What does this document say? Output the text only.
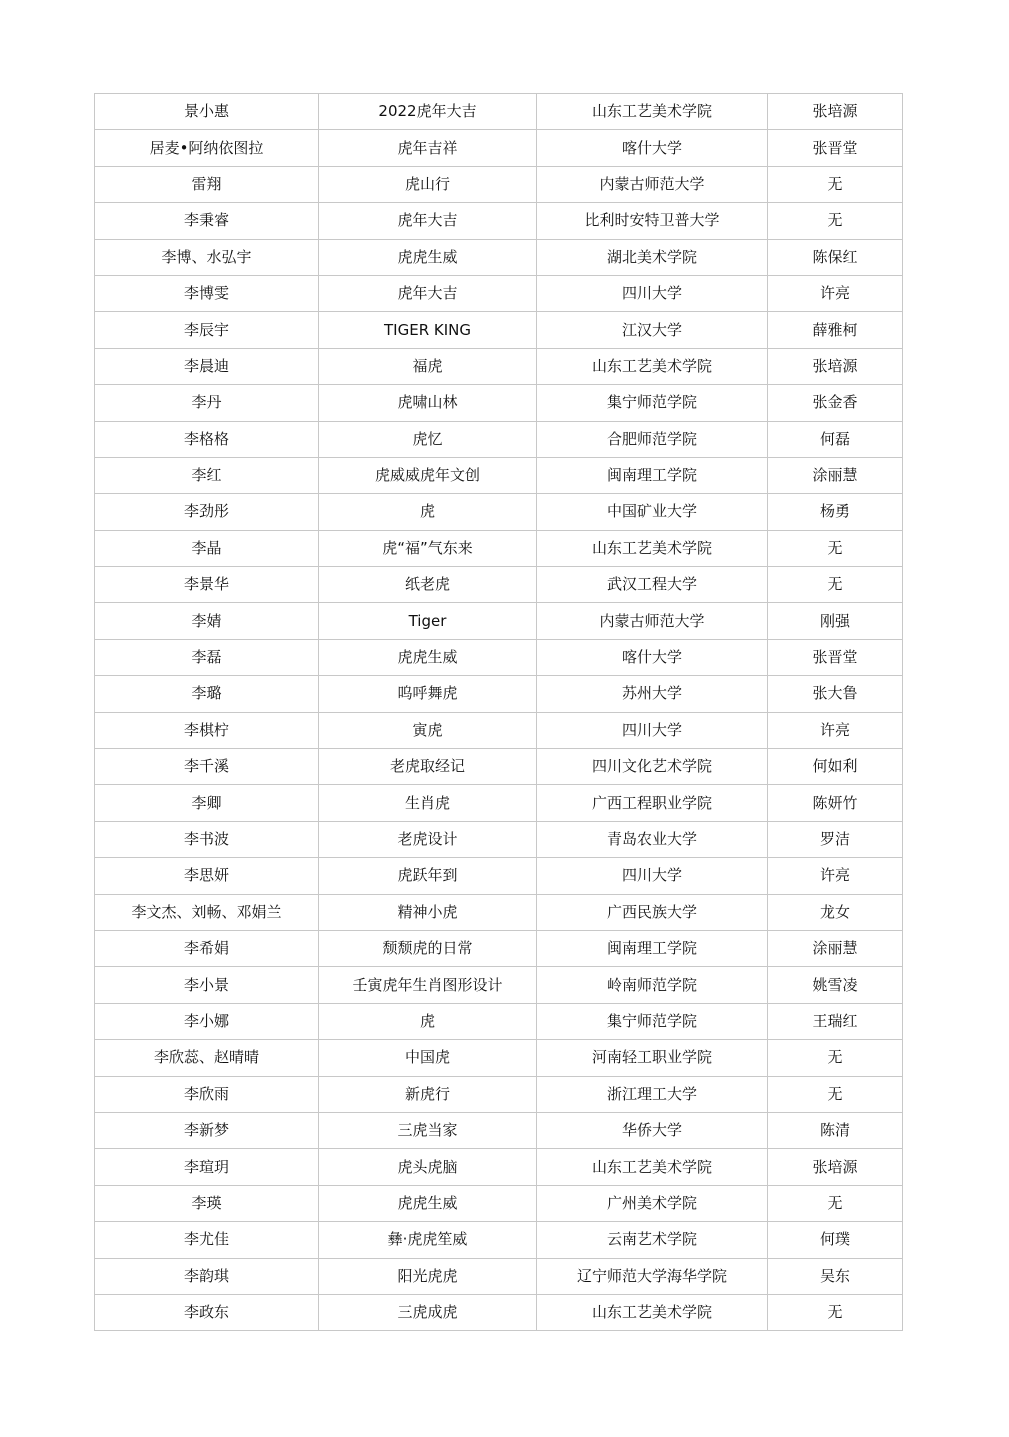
景小惠	2022虎年大吉	山东工艺美术学院	张培源
居麦•阿纳依图拉	虎年吉祥	喀什大学	张晋堂
雷翔	虎山行	内蒙古师范大学	无
李秉睿	虎年大吉	比利时安特卫普大学	无
李博、水弘宇	虎虎生威	湖北美术学院	陈保红
李博雯	虎年大吉	四川大学	许亮
李辰宇	TIGER KING	江汉大学	薛雅柯
李晨迪	福虎	山东工艺美术学院	张培源
李丹	虎啸山林	集宁师范学院	张金香
李格格	虎忆	合肥师范学院	何磊
李红	虎威威虎年文创	闽南理工学院	涂丽慧
李劲彤	虎	中国矿业大学	杨勇
李晶	虎“福”气东来	山东工艺美术学院	无
李景华	纸老虎	武汉工程大学	无
李婧	Tiger	内蒙古师范大学	刚强
李磊	虎虎生威	喀什大学	张晋堂
李璐	呜呼舞虎	苏州大学	张大鲁
李棋柠	寅虎	四川大学	许亮
李千溪	老虎取经记	四川文化艺术学院	何如利
李卿	生肖虎	广西工程职业学院	陈妍竹
李书波	老虎设计	青岛农业大学	罗洁
李思妍	虎跃年到	四川大学	许亮
李文杰、刘畅、邓娟兰	精神小虎	广西民族大学	龙女
李希娟	颓颓虎的日常	闽南理工学院	涂丽慧
李小景	壬寅虎年生肖图形设计	岭南师范学院	姚雪凌
李小娜	虎	集宁师范学院	王瑞红
李欣蕊、赵晴晴	中国虎	河南轻工职业学院	无
李欣雨	新虎行	浙江理工大学	无
李新梦	三虎当家	华侨大学	陈清
李瑄玥	虎头虎脑	山东工艺美术学院	张培源
李瑛	虎虎生威	广州美术学院	无
李尤佳	彝·虎虎笙威	云南艺术学院	何璞
李韵琪	阳光虎虎	辽宁师范大学海华学院	吴东
李政东	三虎成虎	山东工艺美术学院	无
